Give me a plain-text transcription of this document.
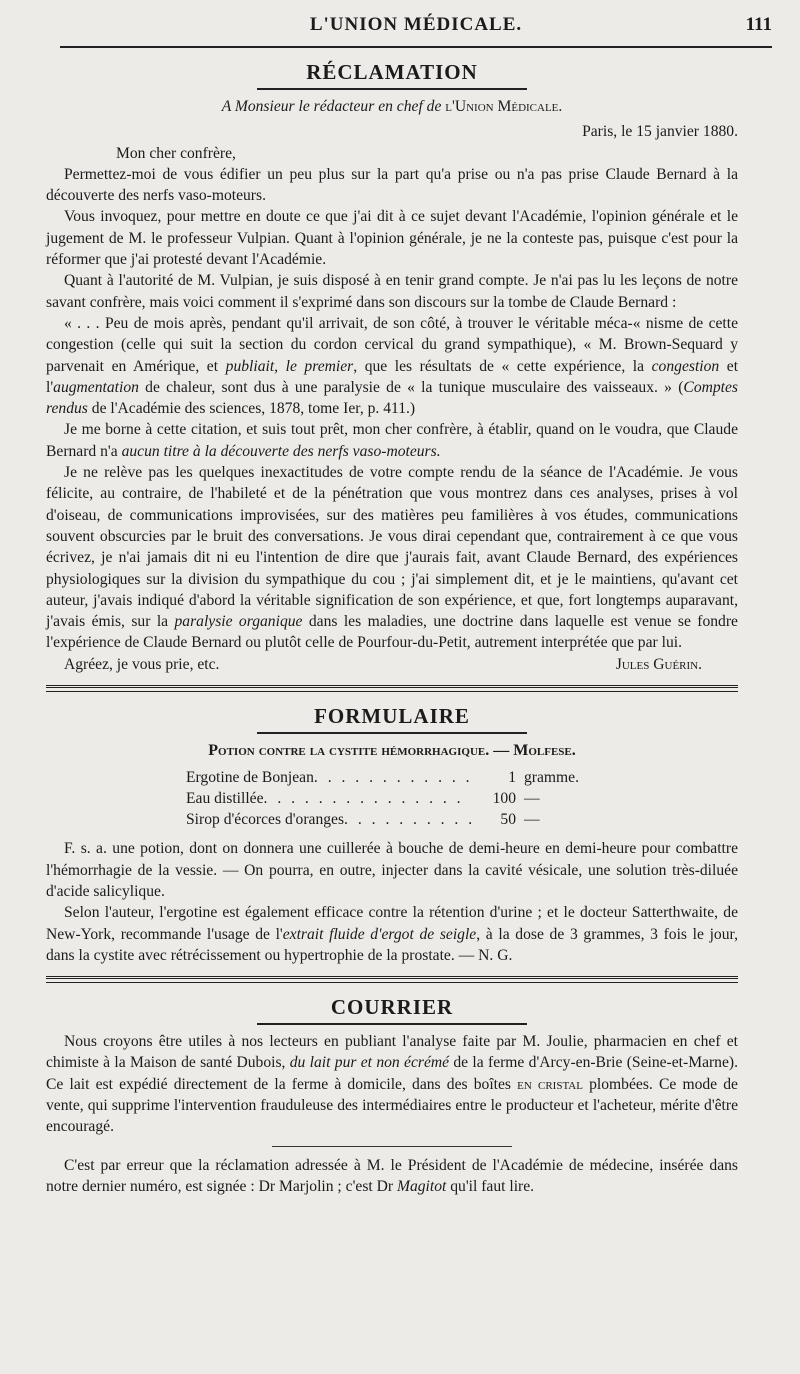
L'UNION MÉDICALE.	111
RÉCLAMATION
A Monsieur le rédacteur en chef de l'Union Médicale.

Paris, le 15 janvier 1880.

Mon cher confrère,

Permettez-moi de vous édifier un peu plus sur la part qu'a prise ou n'a pas prise Claude Bernard à la découverte des nerfs vaso-moteurs.

Vous invoquez, pour mettre en doute ce que j'ai dit à ce sujet devant l'Académie, l'opinion générale et le jugement de M. le professeur Vulpian. Quant à l'opinion générale, je ne la conteste pas, puisque c'est pour la réformer que j'ai protesté devant l'Académie.

Quant à l'autorité de M. Vulpian, je suis disposé à en tenir grand compte. Je n'ai pas lu les leçons de notre savant confrère, mais voici comment il s'exprimé dans son discours sur la tombe de Claude Bernard :

« . . . Peu de mois après, pendant qu'il arrivait, de son côté, à trouver le véritable méca-« nisme de cette congestion (celle qui suit la section du cordon cervical du grand sympathique), « M. Brown-Sequard y parvenait en Amérique, et publiait, le premier, que les résultats de « cette expérience, la congestion et l'augmentation de chaleur, sont dus à une paralysie de « la tunique musculaire des vaisseaux. » (Comptes rendus de l'Académie des sciences, 1878, tome Ier, p. 411.)

Je me borne à cette citation, et suis tout prêt, mon cher confrère, à établir, quand on le voudra, que Claude Bernard n'a aucun titre à la découverte des nerfs vaso-moteurs.

Je ne relève pas les quelques inexactitudes de votre compte rendu de la séance de l'Académie. Je vous félicite, au contraire, de l'habileté et de la pénétration que vous montrez dans ces analyses, prises à vol d'oiseau, de communications improvisées, sur des matières peu familières à vos études, communications souvent obscurcies par le bruit des conversations. Je vous dirai cependant que, contrairement à ce que vous écrivez, je n'ai jamais dit ni eu l'intention de dire que j'aurais fait, avant Claude Bernard, des expériences physiologiques sur la division du sympathique du cou ; j'ai simplement dit, et je le maintiens, qu'avant cet auteur, j'avais indiqué d'abord la véritable signification de son expérience, et que, fort longtemps auparavant, j'avais émis, sur la paralysie organique dans les maladies, une doctrine dans laquelle est venue se fondre l'expérience de Claude Bernard ou plutôt celle de Pourfour-du-Petit, autrement interprétée que par lui.

Agréez, je vous prie, etc.	Jules Guérin.
FORMULAIRE
Potion contre la cystite hémorrhagique. — Molfese.
Ergotine de Bonjean . . . . . . . . . . . .	1 gramme.
Eau distillée . . . . . . . . . . . . . . .	100 —
Sirop d'écorces d'oranges . . . . . . . . . .	50 —

F. s. a. une potion, dont on donnera une cuillerée à bouche de demi-heure en demi-heure pour combattre l'hémorrhagie de la vessie. — On pourra, en outre, injecter dans la cavité vésicale, une solution très-diluée d'acide salicylique.

Selon l'auteur, l'ergotine est également efficace contre la rétention d'urine ; et le docteur Satterthwaite, de New-York, recommande l'usage de l'extrait fluide d'ergot de seigle, à la dose de 3 grammes, 3 fois le jour, dans la cystite avec rétrécissement ou hypertrophie de la prostate. — N. G.

COURRIER

Nous croyons être utiles à nos lecteurs en publiant l'analyse faite par M. Joulie, pharmacien en chef et chimiste à la Maison de santé Dubois, du lait pur et non écrémé de la ferme d'Arcy-en-Brie (Seine-et-Marne). Ce lait est expédié directement de la ferme à domicile, dans des boîtes en cristal plombées. Ce mode de vente, qui supprime l'intervention frauduleuse des intermédiaires entre le producteur et l'acheteur, mérite d'être encouragé.

C'est par erreur que la réclamation adressée à M. le Président de l'Académie de médecine, insérée dans notre dernier numéro, est signée : Dr Marjolin ; c'est Dr Magitot qu'il faut lire.
